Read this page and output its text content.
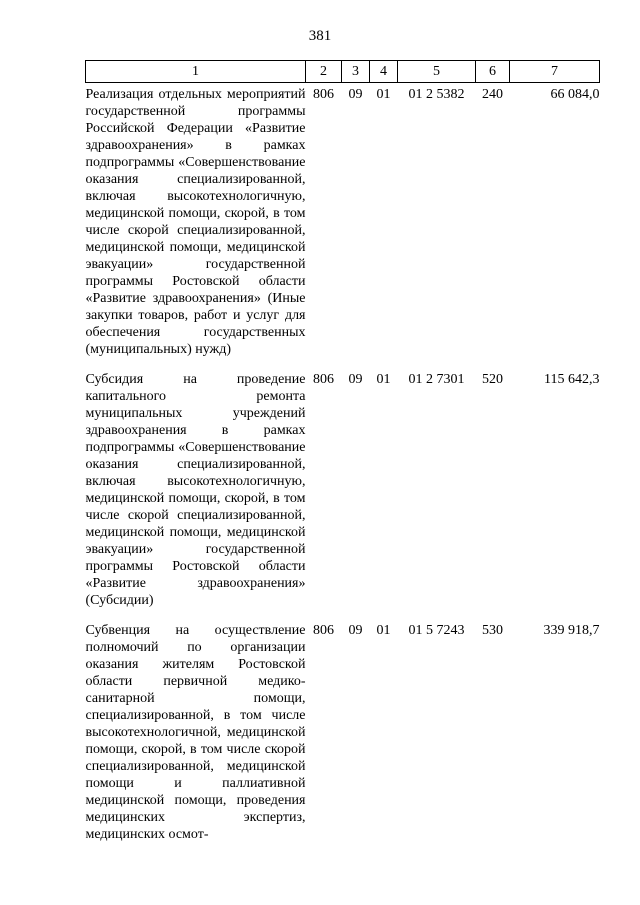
381
1	2	3	4	5	6	7
Реализация отдельных мероприятий государственной программы Российской Федерации «Развитие здравоохранения» в рамках подпрограммы «Совершенствование оказания специализированной, включая высокотехнологичную, медицинской помощи, скорой, в том числе скорой специализированной, медицинской помощи, медицинской эвакуации» государственной программы Ростовской области «Развитие здравоохранения» (Иные закупки товаров, работ и услуг для обеспечения государственных (муниципальных) нужд)	806	09	01	01 2 5382	240	66 084,0
Субсидия на проведение капитального ремонта муниципальных учреждений здравоохранения в рамках подпрограммы «Совершенствование оказания специализированной, включая высокотехнологичную, медицинской помощи, скорой, в том числе скорой специализированной, медицинской помощи, медицинской эвакуации» государственной программы Ростовской области «Развитие здравоохранения» (Субсидии)	806	09	01	01 2 7301	520	115 642,3
Субвенция на осуществление полномочий по организации оказания жителям Ростовской области первичной медико-санитарной помощи, специализированной, в том числе высокотехнологичной, медицинской помощи, скорой, в том числе скорой специализированной, медицинской помощи и паллиативной медицинской помощи, проведения медицинских экспертиз, медицинских осмот-	806	09	01	01 5 7243	530	339 918,7
